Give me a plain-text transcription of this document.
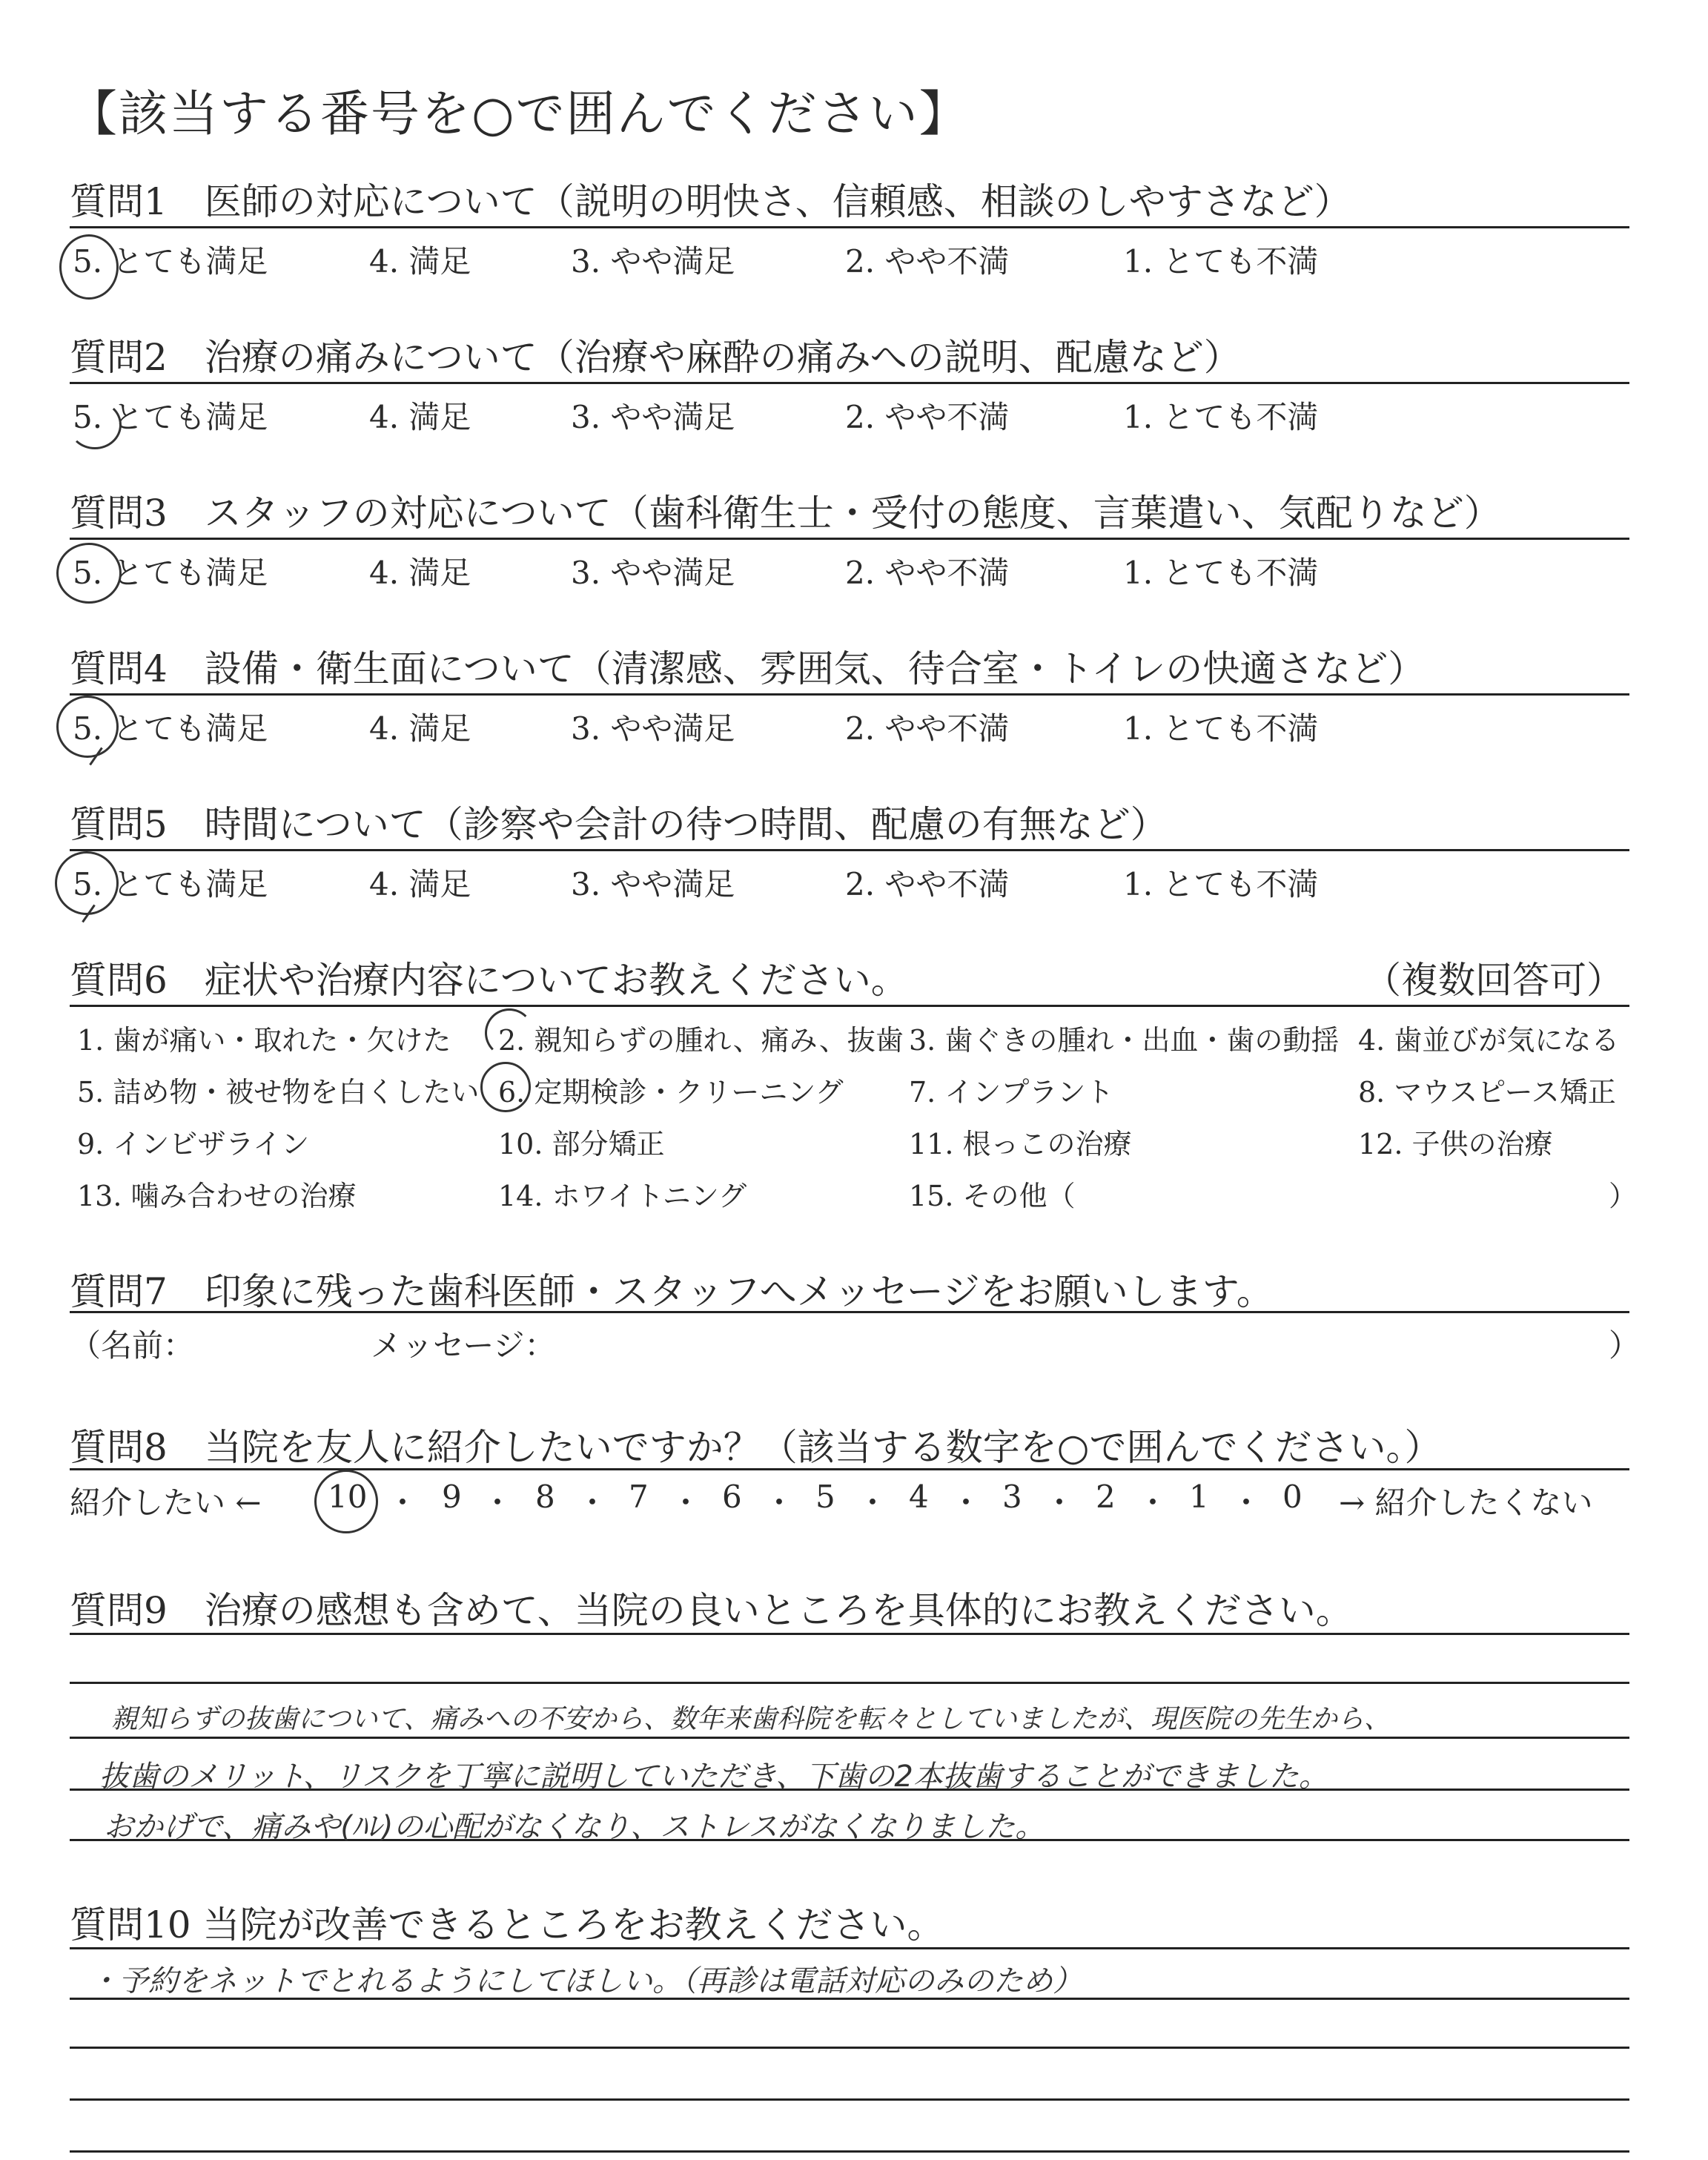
【該当する番号を○で囲んでください】
質問1　医師の対応について（説明の明快さ、信頼感、相談のしやすさなど）
5. とても満足	4. 満足	3. やや満足	2. やや不満	1. とても不満
質問2　治療の痛みについて（治療や麻酔の痛みへの説明、配慮など）
5. とても満足	4. 満足	3. やや満足	2. やや不満	1. とても不満
質問3　スタッフの対応について（歯科衛生士・受付の態度、言葉遣い、気配りなど）
5. とても満足	4. 満足	3. やや満足	2. やや不満	1. とても不満
質問4　設備・衛生面について（清潔感、雰囲気、待合室・トイレの快適さなど）
5. とても満足	4. 満足	3. やや満足	2. やや不満	1. とても不満
質問5　時間について（診察や会計の待つ時間、配慮の有無など）
5. とても満足	4. 満足	3. やや満足	2. やや不満	1. とても不満
質問6　症状や治療内容についてお教えください。	（複数回答可）
1. 歯が痛い・取れた・欠けた 2. 親知らずの腫れ、痛み、抜歯 3. 歯ぐきの腫れ・出血・歯の動揺 4. 歯並びが気になる
5. 詰め物・被せ物を白くしたい 6. 定期検診・クリーニング 7. インプラント	8. マウスピース矯正
9. インビザライン	10. 部分矯正	11. 根っこの治療	12. 子供の治療
13. 噛み合わせの治療	14. ホワイトニング	15. その他（	）
質問7　印象に残った歯科医師・スタッフへメッセージをお願いします。
（名前：	メッセージ：	）
質問8　当院を友人に紹介したいですか？（該当する数字を○で囲んでください。）
紹介したい ← 10 ・ 9 ・ 8 ・ 7 ・ 6 ・ 5 ・ 4 ・ 3 ・ 2 ・ 1 ・ 0 → 紹介したくない
質問9　治療の感想も含めて、当院の良いところを具体的にお教えください。
親知らずの抜歯について、痛みへの不安から、数年来歯科院を転々としていましたが、現医院の先生から、
抜歯のメリット、リスクを丁寧に説明していただき、下歯の2本抜歯することができました。
おかげで、痛みや(ﾊﾚ)の心配がなくなり、ストレスがなくなりました。
質問10 当院が改善できるところをお教えください。
・予約をネットでとれるようにしてほしい。（再診は電話対応のみのため）
